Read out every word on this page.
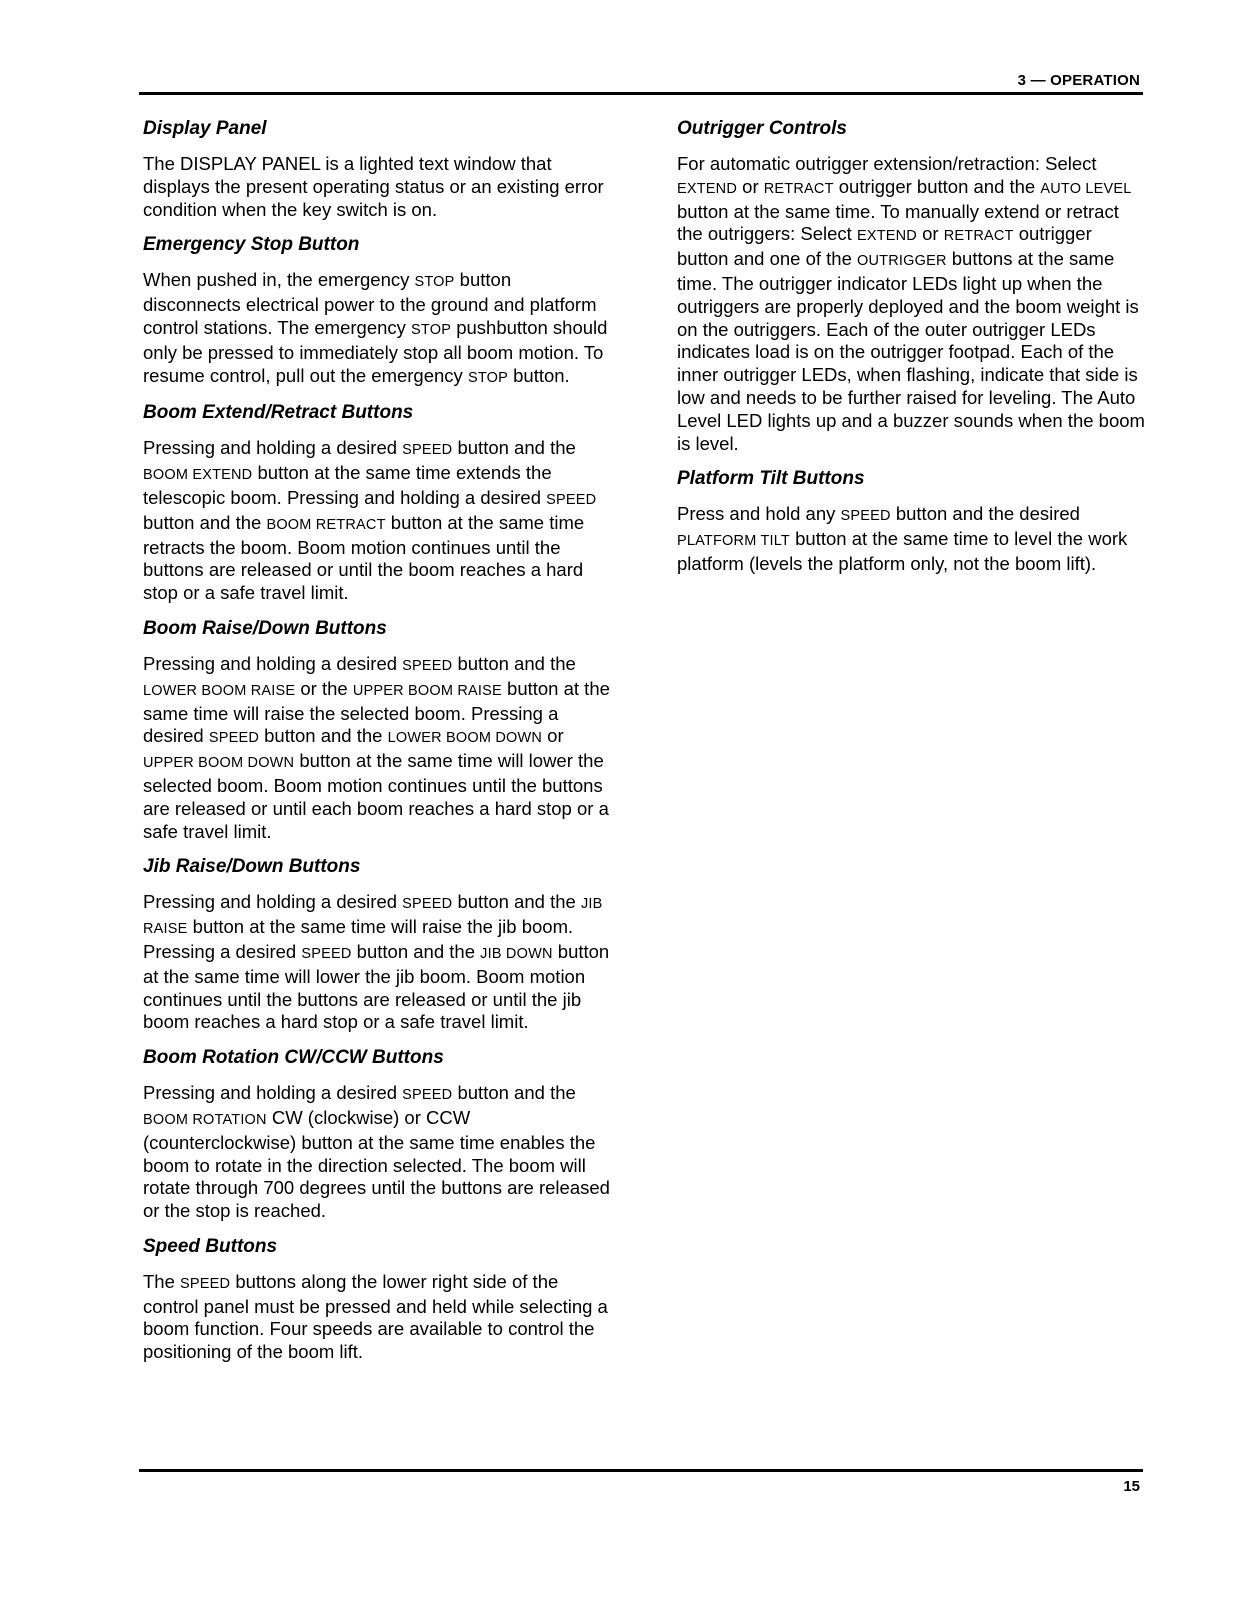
3 — OPERATION
Display Panel

The DISPLAY PANEL is a lighted text window that displays the present operating status or an existing error condition when the key switch is on.

Emergency Stop Button

When pushed in, the emergency STOP button disconnects electrical power to the ground and platform control stations. The emergency STOP pushbutton should only be pressed to immediately stop all boom motion. To resume control, pull out the emergency STOP button.

Boom Extend/Retract Buttons

Pressing and holding a desired SPEED button and the BOOM EXTEND button at the same time extends the telescopic boom. Pressing and holding a desired SPEED button and the BOOM RETRACT button at the same time retracts the boom. Boom motion continues until the buttons are released or until the boom reaches a hard stop or a safe travel limit.

Boom Raise/Down Buttons

Pressing and holding a desired SPEED button and the LOWER BOOM RAISE or the UPPER BOOM RAISE button at the same time will raise the selected boom. Pressing a desired SPEED button and the LOWER BOOM DOWN or UPPER BOOM DOWN button at the same time will lower the selected boom. Boom motion continues until the buttons are released or until each boom reaches a hard stop or a safe travel limit.

Jib Raise/Down Buttons

Pressing and holding a desired SPEED button and the JIB RAISE button at the same time will raise the jib boom. Pressing a desired SPEED button and the JIB DOWN button at the same time will lower the jib boom. Boom motion continues until the buttons are released or until the jib boom reaches a hard stop or a safe travel limit.

Boom Rotation CW/CCW Buttons

Pressing and holding a desired SPEED button and the BOOM ROTATION CW (clockwise) or CCW (counterclockwise) button at the same time enables the boom to rotate in the direction selected. The boom will rotate through 700 degrees until the buttons are released or the stop is reached.

Speed Buttons

The SPEED buttons along the lower right side of the control panel must be pressed and held while selecting a boom function. Four speeds are available to control the positioning of the boom lift.

Outrigger Controls

For automatic outrigger extension/retraction: Select EXTEND or RETRACT outrigger button and the AUTO LEVEL button at the same time. To manually extend or retract the outriggers: Select EXTEND or RETRACT outrigger button and one of the OUTRIGGER buttons at the same time. The outrigger indicator LEDs light up when the outriggers are properly deployed and the boom weight is on the outriggers. Each of the outer outrigger LEDs indicates load is on the outrigger footpad. Each of the inner outrigger LEDs, when flashing, indicate that side is low and needs to be further raised for leveling. The Auto Level LED lights up and a buzzer sounds when the boom is level.

Platform Tilt Buttons

Press and hold any SPEED button and the desired PLATFORM TILT button at the same time to level the work platform (levels the platform only, not the boom lift).

15
